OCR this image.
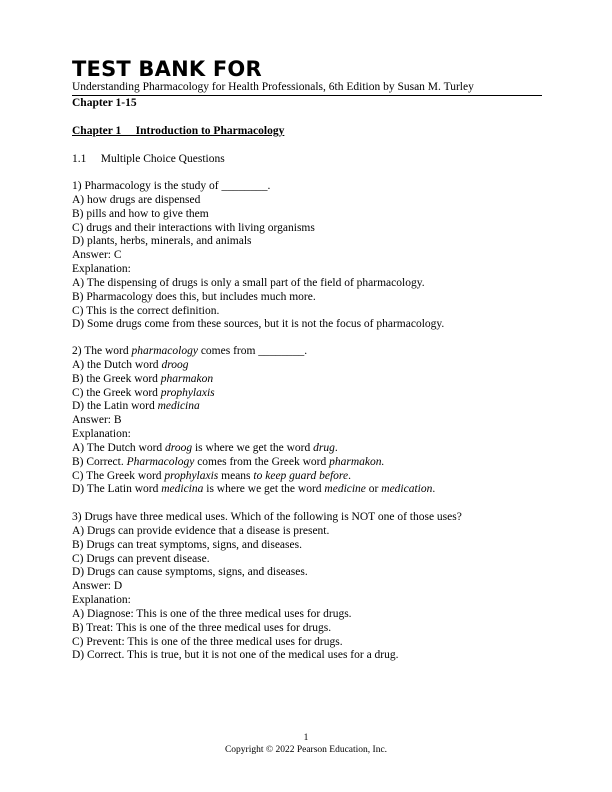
TEST BANK FOR
Understanding Pharmacology for Health Professionals, 6th Edition by Susan M. Turley
Chapter 1-15
Chapter 1     Introduction to Pharmacology
1.1     Multiple Choice Questions
1) Pharmacology is the study of ________.
A) how drugs are dispensed
B) pills and how to give them
C) drugs and their interactions with living organisms
D) plants, herbs, minerals, and animals
Answer: C
Explanation:
A) The dispensing of drugs is only a small part of the field of pharmacology.
B) Pharmacology does this, but includes much more.
C) This is the correct definition.
D) Some drugs come from these sources, but it is not the focus of pharmacology.
2) The word pharmacology comes from ________.
A) the Dutch word droog
B) the Greek word pharmakon
C) the Greek word prophylaxis
D) the Latin word medicina
Answer: B
Explanation:
A) The Dutch word droog is where we get the word drug.
B) Correct. Pharmacology comes from the Greek word pharmakon.
C) The Greek word prophylaxis means to keep guard before.
D) The Latin word medicina is where we get the word medicine or medication.
3) Drugs have three medical uses. Which of the following is NOT one of those uses?
A) Drugs can provide evidence that a disease is present.
B) Drugs can treat symptoms, signs, and diseases.
C) Drugs can prevent disease.
D) Drugs can cause symptoms, signs, and diseases.
Answer: D
Explanation:
A) Diagnose: This is one of the three medical uses for drugs.
B) Treat: This is one of the three medical uses for drugs.
C) Prevent: This is one of the three medical uses for drugs.
D) Correct. This is true, but it is not one of the medical uses for a drug.
1
Copyright © 2022 Pearson Education, Inc.
